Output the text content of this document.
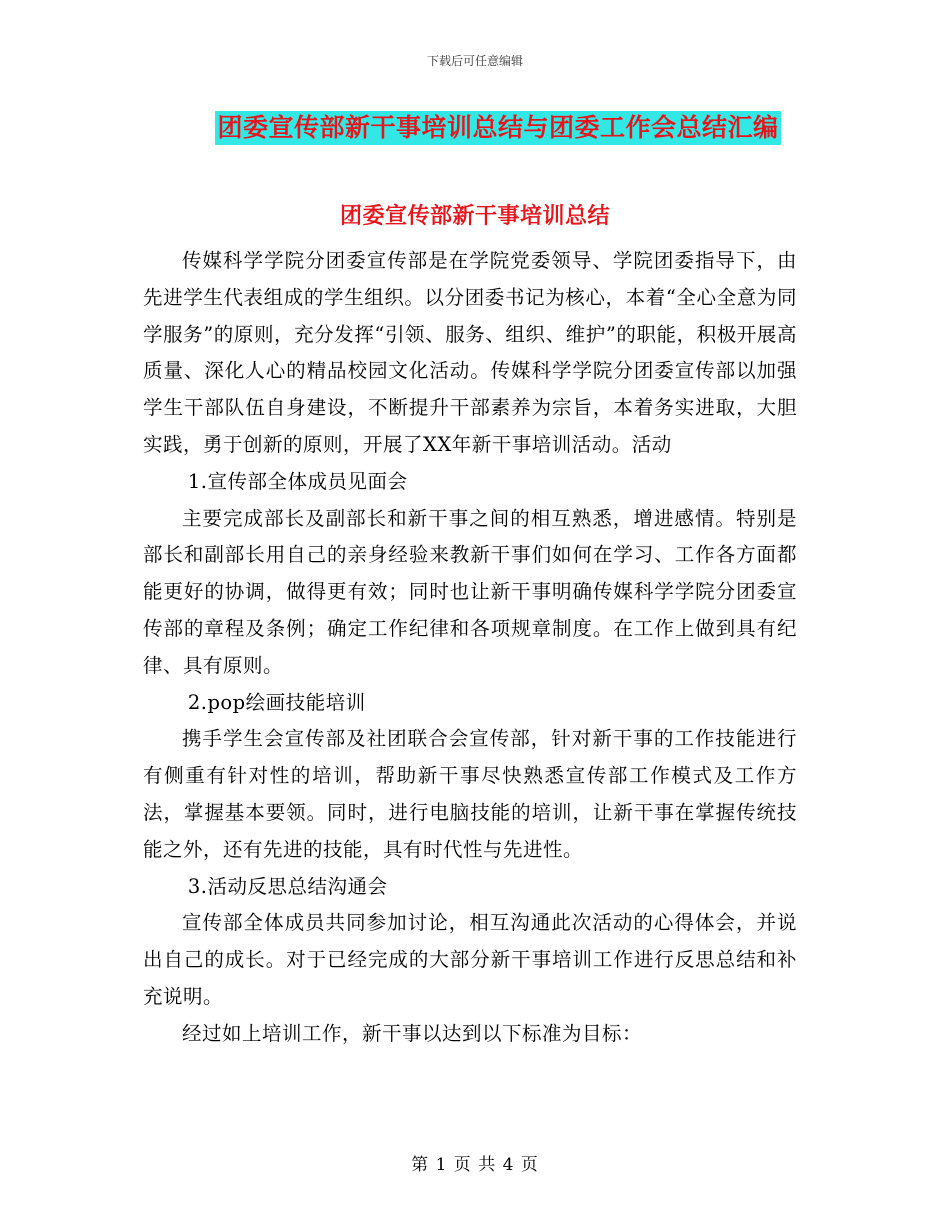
下载后可任意编辑
团委宣传部新干事培训总结与团委工作会总结汇编
团委宣传部新干事培训总结

传媒科学学院分团委宣传部是在学院党委领导、学院团委指导下，由先进学生代表组成的学生组织。以分团委书记为核心，本着“全心全意为同学服务”的原则，充分发挥“引领、服务、组织、维护”的职能，积极开展高质量、深化人心的精品校园文化活动。传媒科学学院分团委宣传部以加强学生干部队伍自身建设，不断提升干部素养为宗旨，本着务实进取，大胆实践，勇于创新的原则，开展了XX年新干事培训活动。活动

1.宣传部全体成员见面会

主要完成部长及副部长和新干事之间的相互熟悉，增进感情。特别是部长和副部长用自己的亲身经验来教新干事们如何在学习、工作各方面都能更好的协调，做得更有效；同时也让新干事明确传媒科学学院分团委宣传部的章程及条例；确定工作纪律和各项规章制度。在工作上做到具有纪律、具有原则。

2.pop绘画技能培训

携手学生会宣传部及社团联合会宣传部，针对新干事的工作技能进行有侧重有针对性的培训，帮助新干事尽快熟悉宣传部工作模式及工作方法，掌握基本要领。同时，进行电脑技能的培训，让新干事在掌握传统技能之外，还有先进的技能，具有时代性与先进性。

3.活动反思总结沟通会

宣传部全体成员共同参加讨论，相互沟通此次活动的心得体会，并说出自己的成长。对于已经完成的大部分新干事培训工作进行反思总结和补充说明。

经过如上培训工作，新干事以达到以下标准为目标：

第 1 页 共 4 页
